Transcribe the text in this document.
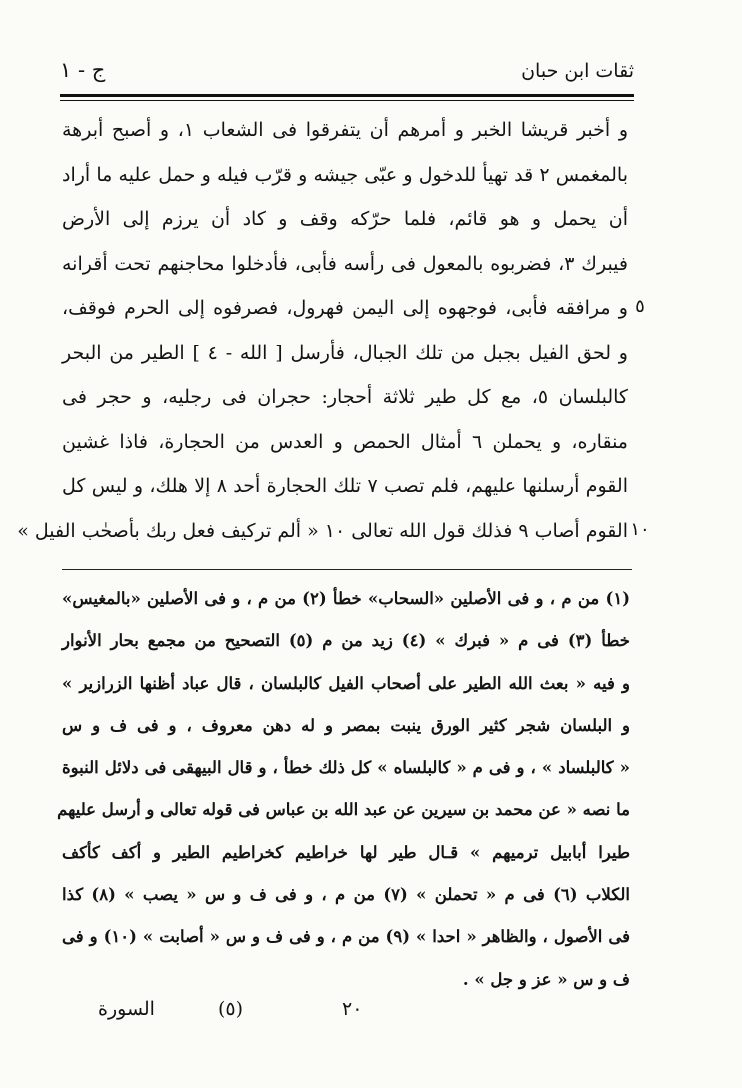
ثقات ابن حبان
ج - ١
و أخبر قريشا الخبر و أمرهم أن يتفرقوا فى الشعاب ١، و أصبح أبرهة
بالمغمس ٢ قد تهيأ للدخول و عبّى جيشه و قرّب فيله و حمل عليه ما أراد
أن يحمل و هو قائم، فلما حرّكه وقف و كاد أن يرزم إلى الأرض
فيبرك ٣، فضربوه بالمعول فى رأسه فأبى، فأدخلوا محاجنهم تحت أقرانه
و مرافقه فأبى، فوجهوه إلى اليمن فهرول، فصرفوه إلى الحرم فوقف،
و لحق الفيل بجبل من تلك الجبال، فأرسل [ الله - ٤ ] الطير من البحر
كالبلسان ٥، مع كل طير ثلاثة أحجار: حجران فى رجليه، و حجر فى
منقاره، و يحملن ٦ أمثال الحمص و العدس من الحجارة، فاذا غشين
القوم أرسلنها عليهم، فلم تصب ٧ تلك الحجارة أحد ٨ إلا هلك، و ليس كل
القوم أصاب ٩ فذلك قول الله تعالى ١٠ « ألم تركيف فعل ربك بأصحٰب الفيل »
٥
١٠
(١) من م ، و فى الأصلين «السحاب» خطأ (٢) من م ، و فى الأصلين «بالمغيس»
خطأ (٣) فى م « فبرك » (٤) زيد من م (٥) التصحيح من مجمع بحار الأنوار
و فيه « بعث الله الطير على أصحاب الفيل كالبلسان ، قال عباد أظنها الزرازير »
و البلسان شجر كثير الورق ينبت بمصر و له دهن معروف ، و فى ف و س
« كالبلساد » ، و فى م « كالبلساه » كل ذلك خطأ ، و قال البيهقى فى دلائل النبوة
ما نصه « عن محمد بن سيرين عن عبد الله بن عباس فى قوله تعالى و أرسل عليهم
طيرا أبابيل ترميهم » قـال طير لها خراطيم كخراطيم الطير و أكف كأكف
الكلاب (٦) فى م « تحملن » (٧) من م ، و فى ف و س « يصب » (٨) كذا
فى الأصول ، والظاهر « احدا » (٩) من م ، و فى ف و س « أصابت » (١٠) و فى
ف و س « عز و جل » .
٢٠
(٥)
السورة
